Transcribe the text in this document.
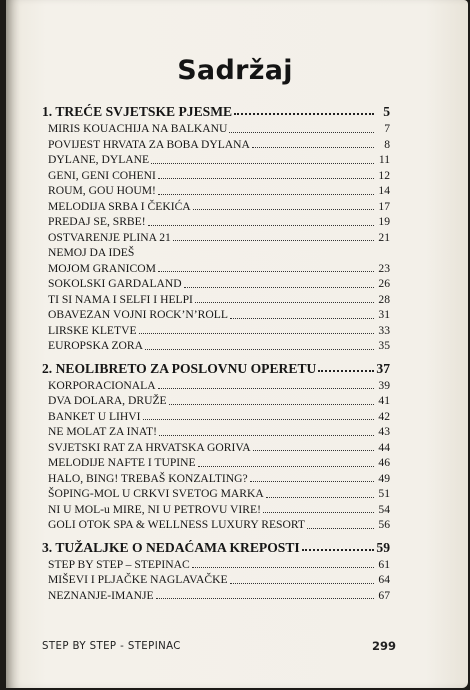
Sadržaj
1. TREĆE SVJETSKE PJESME	5
MIRIS KOUACHIJA NA BALKANU	7
POVIJEST HRVATA ZA BOBA DYLANA	8
DYLANE, DYLANE	11
GENI, GENI COHENI	12
ROUM, GOU HOUM!	14
MELODIJA SRBA I ČEKIĆA	17
PREDAJ SE, SRBE!	19
OSTVARENJE PLINA 21	21
NEMOJ DA IDEŠ
MOJOM GRANICOM	23
SOKOLSKI GARDALAND	26
TI SI NAMA I SELFI I HELPI	28
OBAVEZAN VOJNI ROCK’N’ROLL	31
LIRSKE KLETVE	33
EUROPSKA ZORA	35
2. NEOLIBRETO ZA POSLOVNU OPERETU	37
KORPORACIONALA	39
DVA DOLARA, DRUŽE	41
BANKET U LIHVI	42
NE MOLAT ZA INAT!	43
SVJETSKI RAT ZA HRVATSKA GORIVA	44
MELODIJE NAFTE I TUPINE	46
HALO, BING! TREBAŠ KONZALTING?	49
ŠOPING-MOL U CRKVI SVETOG MARKA	51
NI U MOL-u MIRE, NI U PETROVU VIRE!	54
GOLI OTOK SPA & WELLNESS LUXURY RESORT	56
3. TUŽALJKE O NEDAĆAMA KREPOSTI	59
STEP BY STEP – STEPINAC	61
MIŠEVI I PLJAČKE NAGLAVAČKE	64
NEZNANJE-IMANJE	67
STEP BY STEP - STEPINAC	299
